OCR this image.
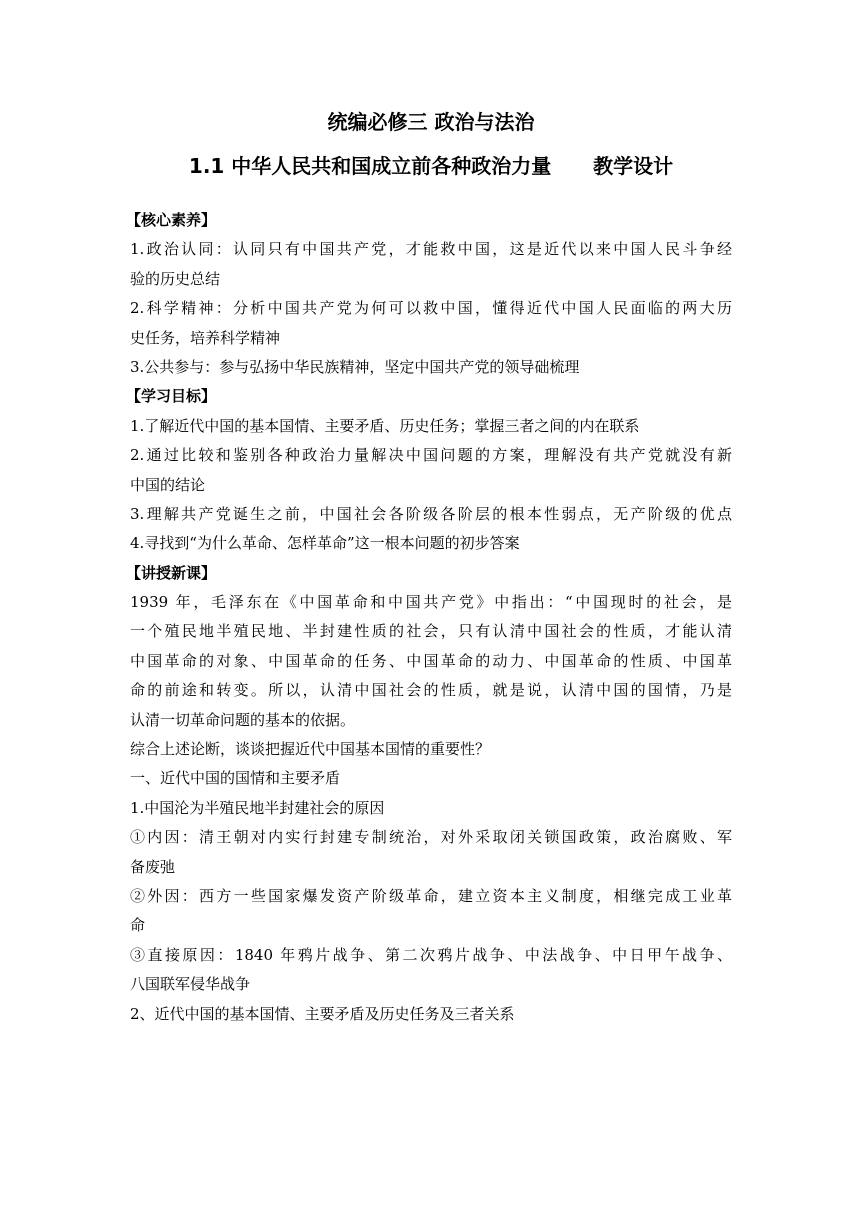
统编必修三 政治与法治
1.1 中华人民共和国成立前各种政治力量      教学设计
【核心素养】
1.政治认同：认同只有中国共产党，才能救中国，这是近代以来中国人民斗争经
验的历史总结
2.科学精神：分析中国共产党为何可以救中国，懂得近代中国人民面临的两大历
史任务，培养科学精神
3.公共参与：参与弘扬中华民族精神，坚定中国共产党的领导础梳理
【学习目标】
1.了解近代中国的基本国情、主要矛盾、历史任务；掌握三者之间的内在联系
2.通过比较和鉴别各种政治力量解决中国问题的方案，理解没有共产党就没有新
中国的结论
3.理解共产党诞生之前，中国社会各阶级各阶层的根本性弱点，无产阶级的优点
4.寻找到“为什么革命、怎样革命”这一根本问题的初步答案
【讲授新课】
1939 年，毛泽东在《中国革命和中国共产党》中指出：“中国现时的社会，是
一个殖民地半殖民地、半封建性质的社会，只有认清中国社会的性质，才能认清
中国革命的对象、中国革命的任务、中国革命的动力、中国革命的性质、中国革
命的前途和转变。所以，认清中国社会的性质，就是说，认清中国的国情，乃是
认清一切革命问题的基本的依据。
综合上述论断，谈谈把握近代中国基本国情的重要性？
一、近代中国的国情和主要矛盾
1.中国沦为半殖民地半封建社会的原因
①内因：清王朝对内实行封建专制统治，对外采取闭关锁国政策，政治腐败、军
备废弛
②外因：西方一些国家爆发资产阶级革命，建立资本主义制度，相继完成工业革
命
③直接原因：1840 年鸦片战争、第二次鸦片战争、中法战争、中日甲午战争、
八国联军侵华战争
2、近代中国的基本国情、主要矛盾及历史任务及三者关系
